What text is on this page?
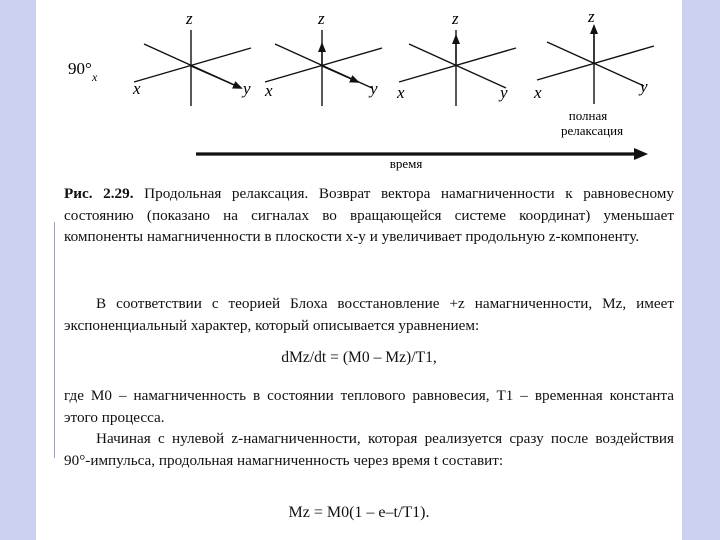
90° x
z
x	y
z
x	y
z
x	y
z
x	y
полная
релаксация
время
Рис. 2.29. Продольная релаксация. Возврат вектора намагниченности к равновесному состоянию (показано на сигналах во вращающейся системе координат) уменьшает компоненты намагниченности в плоскости x-y и увеличивает продольную z-компоненту.
В соответствии с теорией Блоха восстановление +z намагниченности, Mz, имеет экспоненциальный характер, который описывается уравнением:
dMz/dt = (M0 – Mz)/T1,
где M0 – намагниченность в состоянии теплового равновесия, T1 – временная константа этого процесса.
Начиная с нулевой z-намагниченности, которая реализуется сразу после воздействия 90°-импульса, продольная намагниченность через время t составит:
Mz = M0(1 – e–t/T1).
